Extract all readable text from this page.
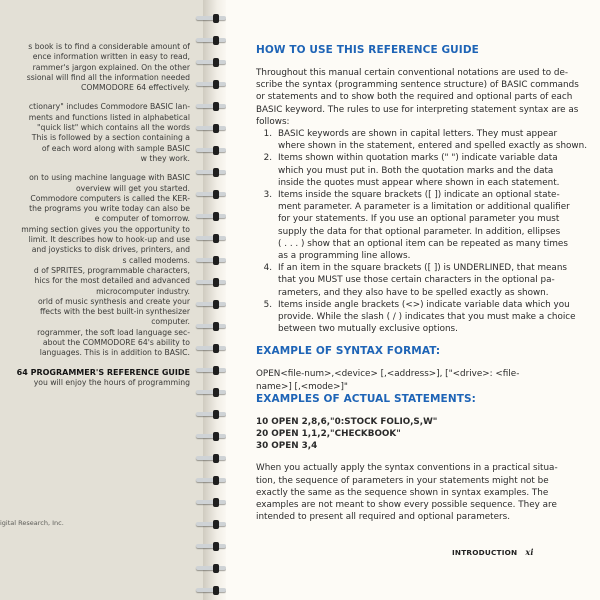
s book is to find a considerable amount of
ence information written in easy to read,
rammer's jargon explained. On the other
ssional will find all the information needed
COMMODORE 64 effectively.

ctionary" includes Commodore BASIC lan-
ments and functions listed in alphabetical
"quick list" which contains all the words
This is followed by a section containing a
of each word along with sample BASIC
w they work.

on to using machine language with BASIC
overview will get you started.
Commodore computers is called the KER-
the programs you write today can also be
e computer of tomorrow.
mming section gives you the opportunity to
limit. It describes how to hook-up and use
and joysticks to disk drives, printers, and
s called modems.
d of SPRITES, programmable characters,
hics for the most detailed and advanced
microcomputer industry.
orld of music synthesis and create your
ffects with the best built-in synthesizer
computer.
rogrammer, the soft load language sec-
about the COMMODORE 64's ability to
languages. This is in addition to BASIC.

64 PROGRAMMER'S REFERENCE GUIDE
you will enjoy the hours of programming

igital Research, Inc.
HOW TO USE THIS REFERENCE GUIDE

Throughout this manual certain conventional notations are used to de-
scribe the syntax (programming sentence structure) of BASIC commands
or statements and to show both the required and optional parts of each
BASIC keyword. The rules to use for interpreting statement syntax are as
follows:

1. BASIC keywords are shown in capital letters. They must appear
where shown in the statement, entered and spelled exactly as shown.
2. Items shown within quotation marks (" ") indicate variable data
which you must put in. Both the quotation marks and the data
inside the quotes must appear where shown in each statement.
3. Items inside the square brackets ([ ]) indicate an optional state-
ment parameter. A parameter is a limitation or additional qualifier
for your statements. If you use an optional parameter you must
supply the data for that optional parameter. In addition, ellipses
( . . . ) show that an optional item can be repeated as many times
as a programming line allows.
4. If an item in the square brackets ([ ]) is UNDERLINED, that means
that you MUST use those certain characters in the optional pa-
rameters, and they also have to be spelled exactly as shown.
5. Items inside angle brackets (<>) indicate variable data which you
provide. While the slash ( / ) indicates that you must make a choice
between two mutually exclusive options.
EXAMPLE OF SYNTAX FORMAT:

OPEN<file-num>,<device> [,<address>], ["<drive>: <file-
name>] [,<mode>]"

EXAMPLES OF ACTUAL STATEMENTS:
10 OPEN 2,8,6,"0:STOCK FOLIO,S,W"
20 OPEN 1,1,2,"CHECKBOOK"
30 OPEN 3,4

When you actually apply the syntax conventions in a practical situa-
tion, the sequence of parameters in your statements might not be
exactly the same as the sequence shown in syntax examples. The
examples are not meant to show every possible sequence. They are
intended to present all required and optional parameters.

INTRODUCTION xi
